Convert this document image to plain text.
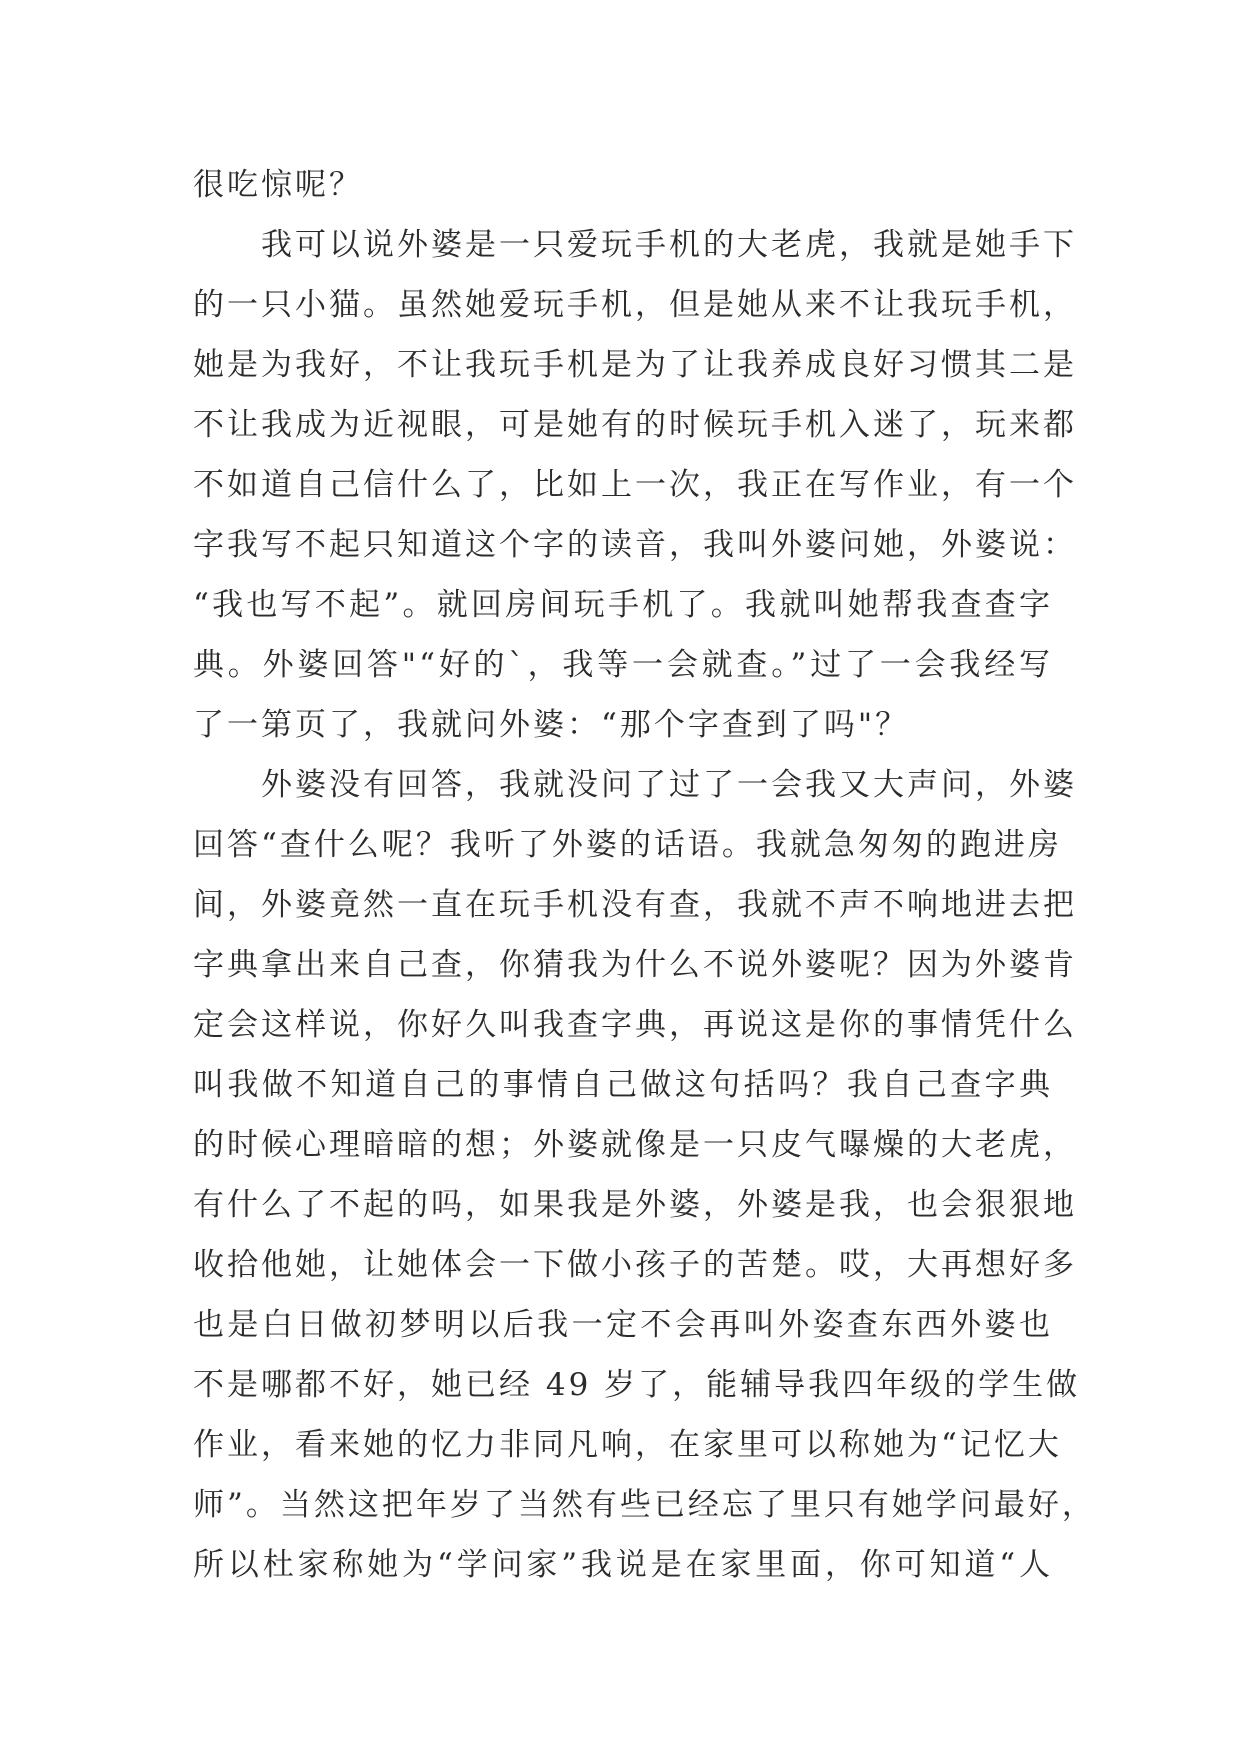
很吃惊呢？
　　我可以说外婆是一只爱玩手机的大老虎，我就是她手下
的一只小猫。虽然她爱玩手机，但是她从来不让我玩手机，
她是为我好，不让我玩手机是为了让我养成良好习惯其二是
不让我成为近视眼，可是她有的时候玩手机入迷了，玩来都
不如道自己信什么了，比如上一次，我正在写作业，有一个
字我写不起只知道这个字的读音，我叫外婆问她，外婆说：
“我也写不起”。就回房间玩手机了。我就叫她帮我查查字
典。外婆回答"“好的`，我等一会就查。”过了一会我经写
了一第页了，我就问外婆：“那个字查到了吗"？
　　外婆没有回答，我就没问了过了一会我又大声问，外婆
回答“查什么呢？我听了外婆的话语。我就急匆匆的跑进房
间，外婆竟然一直在玩手机没有查，我就不声不响地进去把
字典拿出来自己查，你猜我为什么不说外婆呢？因为外婆肯
定会这样说，你好久叫我查字典，再说这是你的事情凭什么
叫我做不知道自己的事情自己做这句括吗？我自己查字典
的时候心理暗暗的想；外婆就像是一只皮气曝燥的大老虎，
有什么了不起的吗，如果我是外婆，外婆是我，也会狠狠地
收拾他她，让她体会一下做小孩子的苦楚。哎，大再想好多
也是白日做初梦明以后我一定不会再叫外姿查东西外婆也
不是哪都不好，她已经 49 岁了，能辅导我四年级的学生做
作业，看来她的忆力非同凡响，在家里可以称她为“记忆大
师”。当然这把年岁了当然有些已经忘了里只有她学问最好，
所以杜家称她为“学问家”我说是在家里面，你可知道“人
